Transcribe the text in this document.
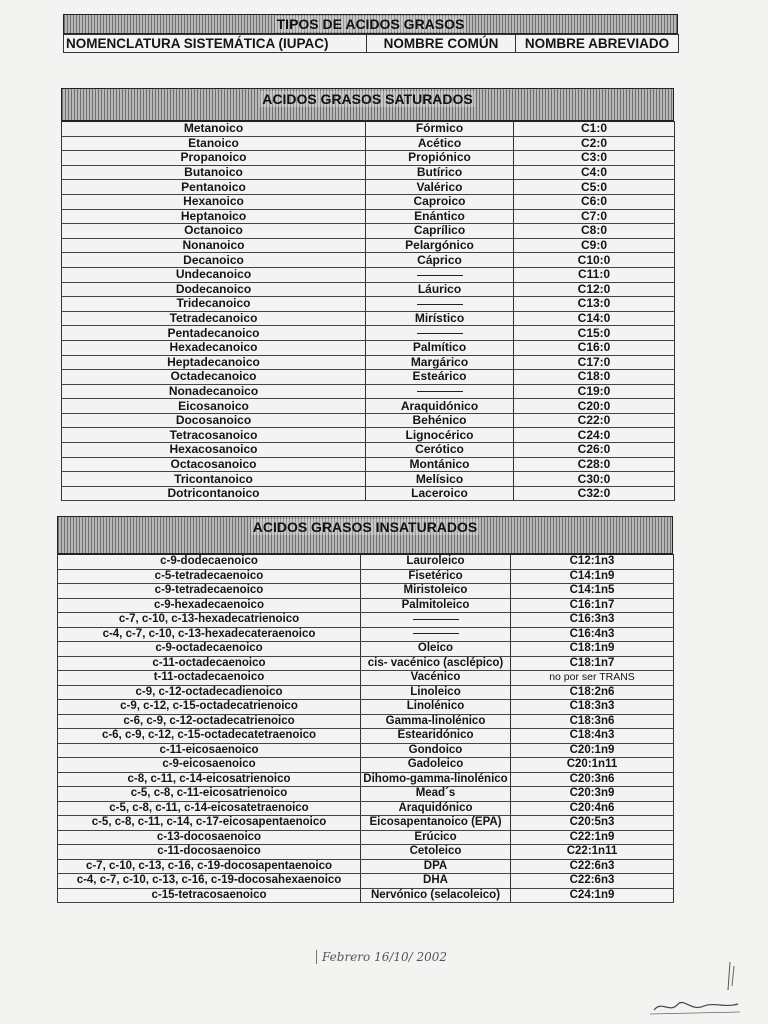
TIPOS DE ACIDOS GRASOS
NOMENCLATURA SISTEMÁTICA (IUPAC)	NOMBRE COMÚN	NOMBRE ABREVIADO
ACIDOS GRASOS SATURADOS
Metanoico	Fórmico	C1:0
Etanoico	Acético	C2:0
Propanoico	Propiónico	C3:0
Butanoico	Butírico	C4:0
Pentanoico	Valérico	C5:0
Hexanoico	Caproico	C6:0
Heptanoico	Enántico	C7:0
Octanoico	Caprílico	C8:0
Nonanoico	Pelargónico	C9:0
Decanoico	Cáprico	C10:0
Undecanoico		C11:0
Dodecanoico	Láurico	C12:0
Tridecanoico		C13:0
Tetradecanoico	Mirístico	C14:0
Pentadecanoico		C15:0
Hexadecanoico	Palmítico	C16:0
Heptadecanoico	Margárico	C17:0
Octadecanoico	Esteárico	C18:0
Nonadecanoico		C19:0
Eicosanoico	Araquidónico	C20:0
Docosanoico	Behénico	C22:0
Tetracosanoico	Lignocérico	C24:0
Hexacosanoico	Cerótico	C26:0
Octacosanoico	Montánico	C28:0
Tricontanoico	Melísico	C30:0
Dotricontanoico	Laceroico	C32:0
ACIDOS GRASOS INSATURADOS
c-9-dodecaenoico	Lauroleico	C12:1n3
c-5-tetradecaenoico	Fisetérico	C14:1n9
c-9-tetradecaenoico	Miristoleico	C14:1n5
c-9-hexadecaenoico	Palmitoleico	C16:1n7
c-7, c-10, c-13-hexadecatrienoico		C16:3n3
c-4, c-7, c-10, c-13-hexadecateraenoico		C16:4n3
c-9-octadecaenoico	Oleico	C18:1n9
c-11-octadecaenoico	cis- vacénico (asclépico)	C18:1n7
t-11-octadecaenoico	Vacénico	no por ser TRANS
c-9, c-12-octadecadienoico	Linoleico	C18:2n6
c-9, c-12, c-15-octadecatrienoico	Linolénico	C18:3n3
c-6, c-9, c-12-octadecatrienoico	Gamma-linolénico	C18:3n6
c-6, c-9, c-12, c-15-octadecatetraenoico	Estearidónico	C18:4n3
c-11-eicosaenoico	Gondoico	C20:1n9
c-9-eicosaenoico	Gadoleico	C20:1n11
c-8, c-11, c-14-eicosatrienoico	Dihomo-gamma-linolénico	C20:3n6
c-5, c-8, c-11-eicosatrienoico	Mead´s	C20:3n9
c-5, c-8, c-11, c-14-eicosatetraenoico	Araquidónico	C20:4n6
c-5, c-8, c-11, c-14, c-17-eicosapentaenoico	Eicosapentanoico (EPA)	C20:5n3
c-13-docosaenoico	Erúcico	C22:1n9
c-11-docosaenoico	Cetoleico	C22:1n11
c-7, c-10, c-13, c-16, c-19-docosapentaenoico	DPA	C22:6n3
c-4, c-7, c-10, c-13, c-16, c-19-docosahexaenoico	DHA	C22:6n3
c-15-tetracosaenoico	Nervónico (selacoleico)	C24:1n9
Febrero 16/10/ 2002
